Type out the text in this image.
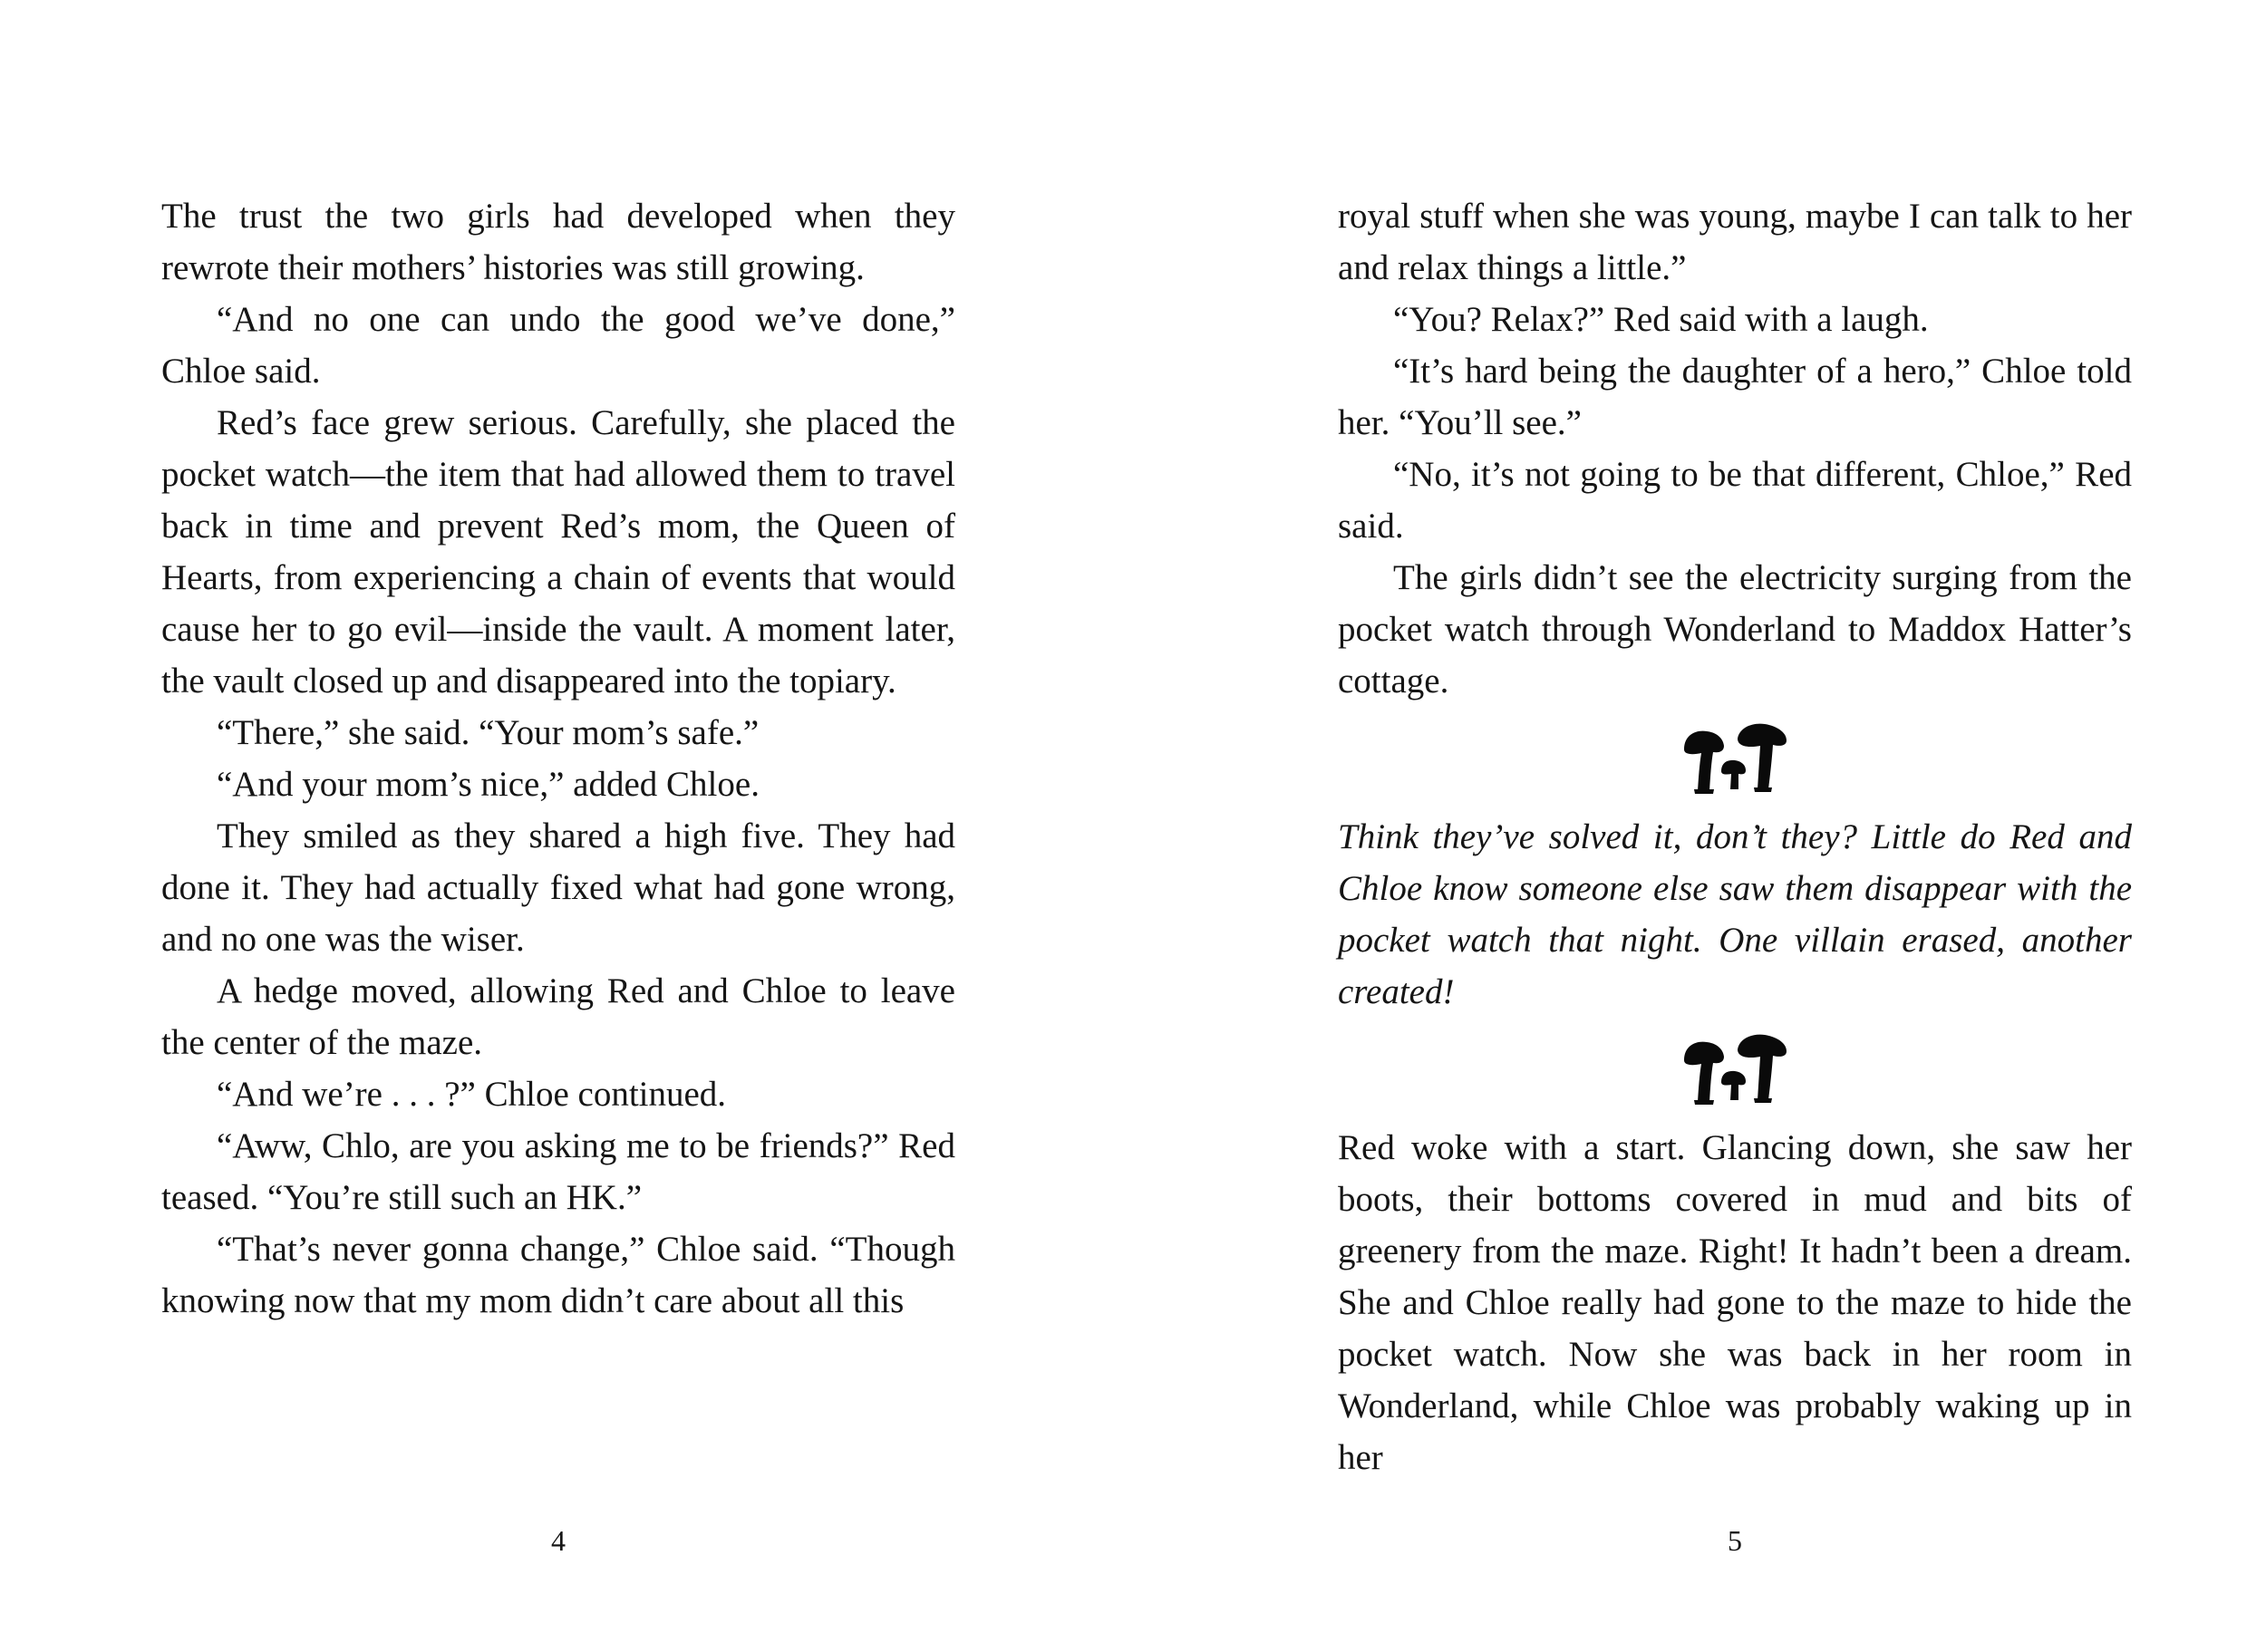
The trust the two girls had developed when they rewrote their mothers’ histories was still growing.

“And no one can undo the good we’ve done,” Chloe said.

Red’s face grew serious. Carefully, she placed the pocket watch—the item that had allowed them to travel back in time and prevent Red’s mom, the Queen of Hearts, from experiencing a chain of events that would cause her to go evil—inside the vault. A moment later, the vault closed up and disappeared into the topiary.

“There,” she said. “Your mom’s safe.”

“And your mom’s nice,” added Chloe.

They smiled as they shared a high five. They had done it. They had actually fixed what had gone wrong, and no one was the wiser.

A hedge moved, allowing Red and Chloe to leave the center of the maze.

“And we’re . . . ?” Chloe continued.

“Aww, Chlo, are you asking me to be friends?” Red teased. “You’re still such an HK.”

“That’s never gonna change,” Chloe said. “Though knowing now that my mom didn’t care about all this

royal stuff when she was young, maybe I can talk to her and relax things a little.”

“You? Relax?” Red said with a laugh.

“It’s hard being the daughter of a hero,” Chloe told her. “You’ll see.”

“No, it’s not going to be that different, Chloe,” Red said.

The girls didn’t see the electricity surging from the pocket watch through Wonderland to Maddox Hatter’s cottage.

Think they’ve solved it, don’t they? Little do Red and Chloe know someone else saw them disappear with the pocket watch that night. One villain erased, another created!

Red woke with a start. Glancing down, she saw her boots, their bottoms covered in mud and bits of greenery from the maze. Right! It hadn’t been a dream. She and Chloe really had gone to the maze to hide the pocket watch. Now she was back in her room in Wonderland, while Chloe was probably waking up in her

4	5
